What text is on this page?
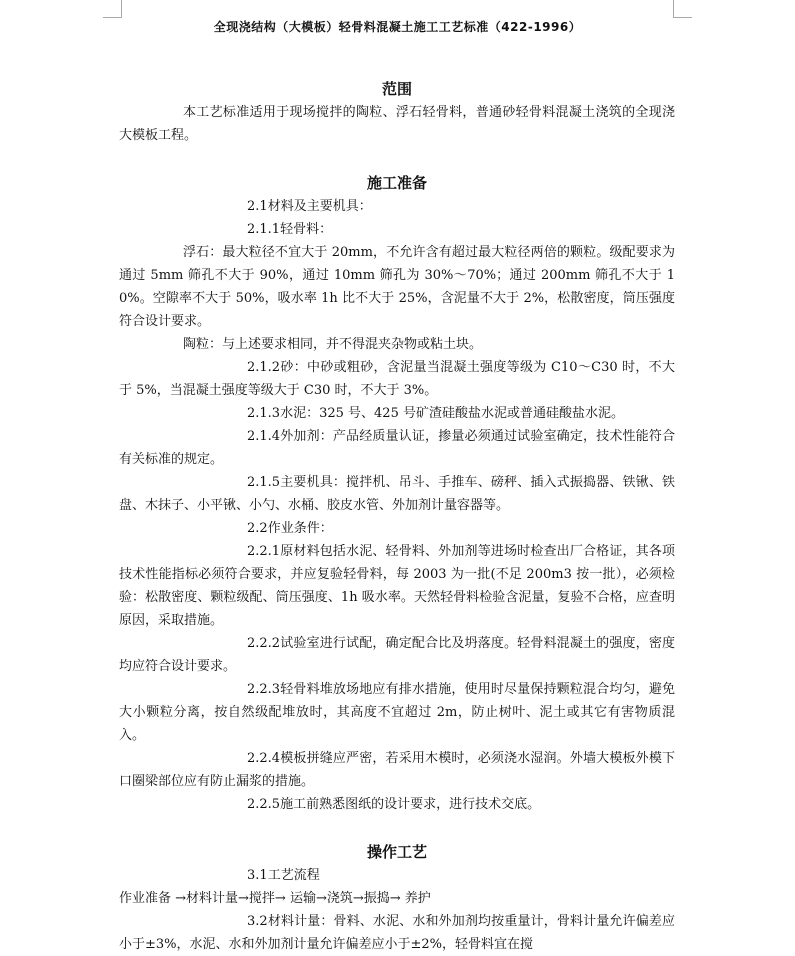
全现浇结构（大模板）轻骨料混凝土施工工艺标准（422-1996）
范围

本工艺标准适用于现场搅拌的陶粒、浮石轻骨料，普通砂轻骨料混凝土浇筑的全现浇大模板工程。

施工准备

2.1材料及主要机具：

2.1.1轻骨料：

浮石：最大粒径不宜大于 20mm，不允许含有超过最大粒径两倍的颗粒。级配要求为通过 5mm 筛孔不大于 90%，通过 10mm 筛孔为 30%～70%；通过 200mm 筛孔不大于 10%。空隙率不大于 50%，吸水率 1h 比不大于 25%，含泥量不大于 2%，松散密度，筒压强度符合设计要求。

陶粒：与上述要求相同，并不得混夹杂物或粘土块。

2.1.2砂：中砂或粗砂，含泥量当混凝土强度等级为 C10～C30 时，不大于 5%，当混凝土强度等级大于 C30 时，不大于 3%。

2.1.3水泥：325 号、425 号矿渣硅酸盐水泥或普通硅酸盐水泥。

2.1.4外加剂：产品经质量认证，掺量必须通过试验室确定，技术性能符合有关标准的规定。

2.1.5主要机具：搅拌机、吊斗、手推车、磅秤、插入式振捣器、铁锹、铁盘、木抹子、小平锹、小勺、水桶、胶皮水管、外加剂计量容器等。

2.2作业条件：

2.2.1原材料包括水泥、轻骨料、外加剂等进场时检查出厂合格证，其各项技术性能指标必须符合要求，并应复验轻骨料，每 2003 为一批(不足 200m3 按一批），必须检验：松散密度、颗粒级配、筒压强度、1h 吸水率。天然轻骨料检验含泥量，复验不合格，应查明原因，采取措施。

2.2.2试验室进行试配，确定配合比及坍落度。轻骨料混凝土的强度，密度均应符合设计要求。

2.2.3轻骨料堆放场地应有排水措施，使用时尽量保持颗粒混合均匀，避免大小颗粒分离，按自然级配堆放时，其高度不宜超过 2m，防止树叶、泥土或其它有害物质混入。

2.2.4模板拼缝应严密，若采用木模时，必须浇水湿润。外墙大模板外模下口圈梁部位应有防止漏浆的措施。

2.2.5施工前熟悉图纸的设计要求，进行技术交底。

操作工艺

3.1工艺流程

作业准备 →材料计量→搅拌→ 运输→浇筑→振捣→ 养护

3.2材料计量：骨料、水泥、水和外加剂均按重量计，骨料计量允许偏差应小于±3%，水泥、水和外加剂计量允许偏差应小于±2%，轻骨料宜在搅
